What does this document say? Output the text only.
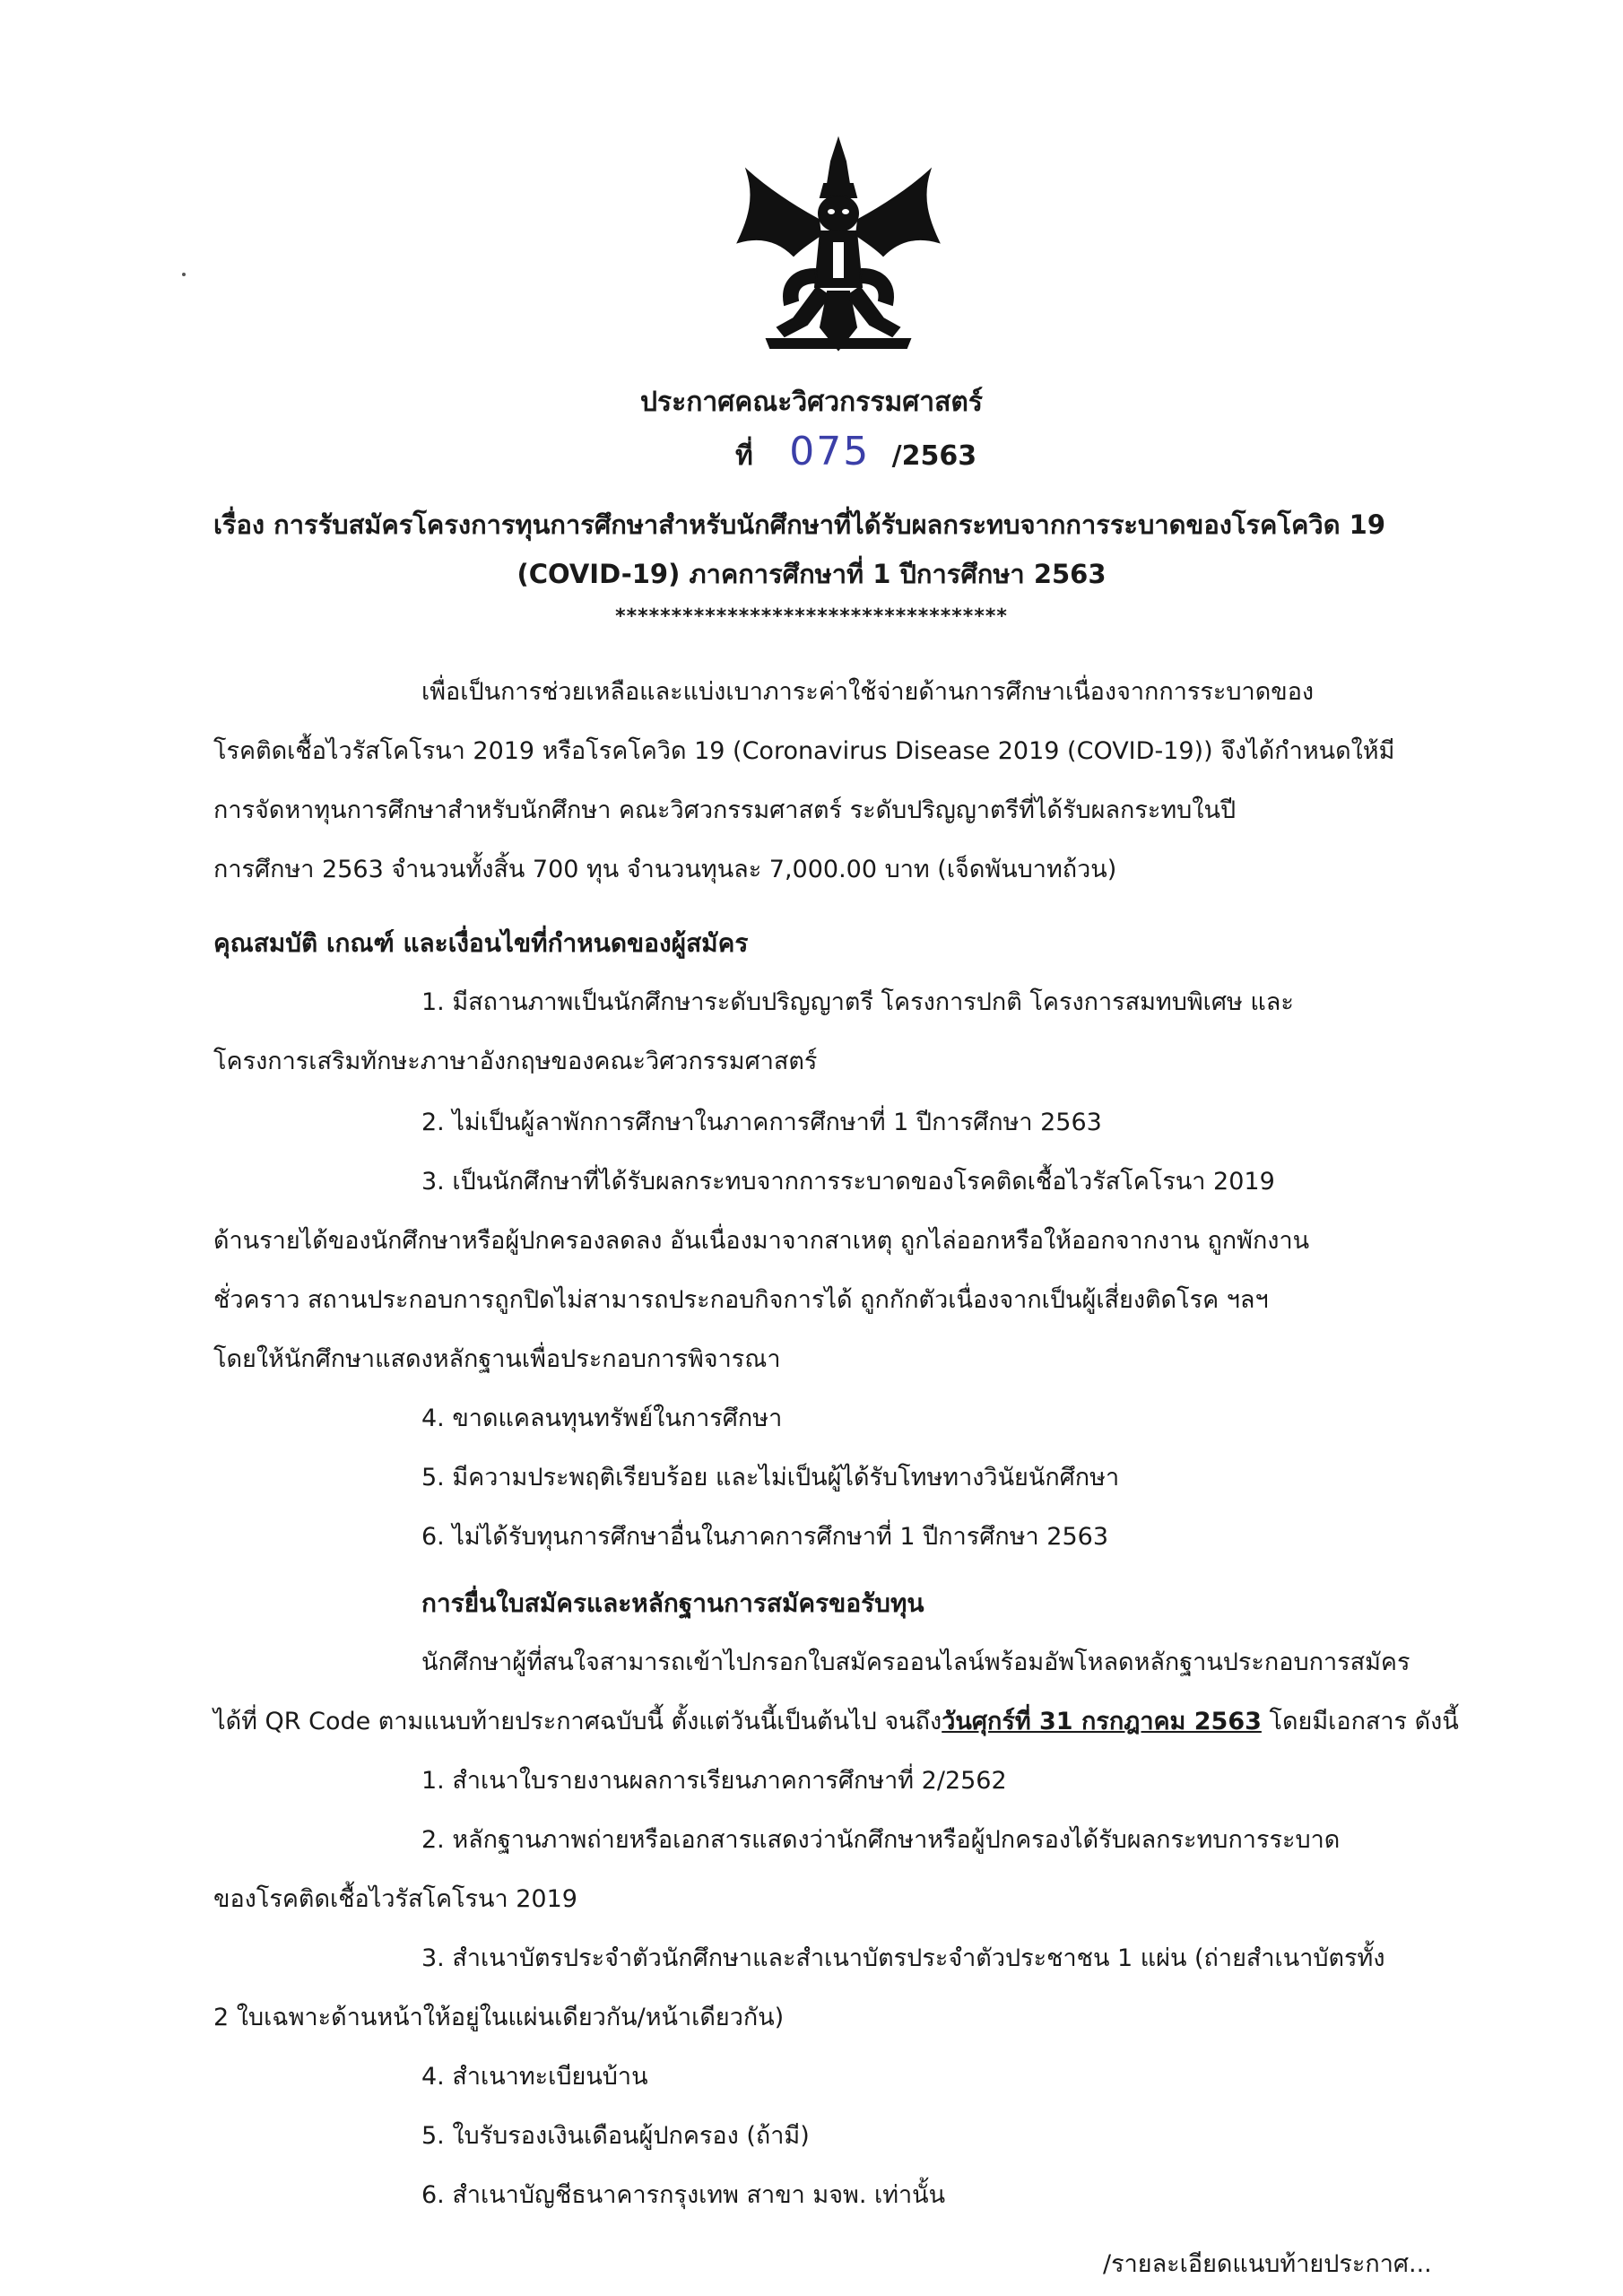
ประกาศคณะวิศวกรรมศาสตร์
ที่ 075 /2563
เรื่อง การรับสมัครโครงการทุนการศึกษาสำหรับนักศึกษาที่ได้รับผลกระทบจากการระบาดของโรคโควิด 19
(COVID-19) ภาคการศึกษาที่ 1 ปีการศึกษา 2563
***********************************
เพื่อเป็นการช่วยเหลือและแบ่งเบาภาระค่าใช้จ่ายด้านการศึกษาเนื่องจากการระบาดของ
โรคติดเชื้อไวรัสโคโรนา 2019 หรือโรคโควิด 19 (Coronavirus Disease 2019 (COVID-19)) จึงได้กำหนดให้มี
การจัดหาทุนการศึกษาสำหรับนักศึกษา คณะวิศวกรรมศาสตร์ ระดับปริญญาตรีที่ได้รับผลกระทบในปี
การศึกษา 2563 จำนวนทั้งสิ้น 700 ทุน จำนวนทุนละ 7,000.00 บาท (เจ็ดพันบาทถ้วน)
คุณสมบัติ เกณฑ์ และเงื่อนไขที่กำหนดของผู้สมัคร
1. มีสถานภาพเป็นนักศึกษาระดับปริญญาตรี โครงการปกติ โครงการสมทบพิเศษ และ
โครงการเสริมทักษะภาษาอังกฤษของคณะวิศวกรรมศาสตร์
2. ไม่เป็นผู้ลาพักการศึกษาในภาคการศึกษาที่ 1 ปีการศึกษา 2563
3. เป็นนักศึกษาที่ได้รับผลกระทบจากการระบาดของโรคติดเชื้อไวรัสโคโรนา 2019
ด้านรายได้ของนักศึกษาหรือผู้ปกครองลดลง อันเนื่องมาจากสาเหตุ ถูกไล่ออกหรือให้ออกจากงาน ถูกพักงาน
ชั่วคราว สถานประกอบการถูกปิดไม่สามารถประกอบกิจการได้ ถูกกักตัวเนื่องจากเป็นผู้เสี่ยงติดโรค ฯลฯ
โดยให้นักศึกษาแสดงหลักฐานเพื่อประกอบการพิจารณา
4. ขาดแคลนทุนทรัพย์ในการศึกษา
5. มีความประพฤติเรียบร้อย และไม่เป็นผู้ได้รับโทษทางวินัยนักศึกษา
6. ไม่ได้รับทุนการศึกษาอื่นในภาคการศึกษาที่ 1 ปีการศึกษา 2563
การยื่นใบสมัครและหลักฐานการสมัครขอรับทุน
นักศึกษาผู้ที่สนใจสามารถเข้าไปกรอกใบสมัครออนไลน์พร้อมอัพโหลดหลักฐานประกอบการสมัคร
ได้ที่ QR Code ตามแนบท้ายประกาศฉบับนี้ ตั้งแต่วันนี้เป็นต้นไป จนถึงวันศุกร์ที่ 31 กรกฎาคม 2563 โดยมีเอกสาร ดังนี้
1. สำเนาใบรายงานผลการเรียนภาคการศึกษาที่ 2/2562
2. หลักฐานภาพถ่ายหรือเอกสารแสดงว่านักศึกษาหรือผู้ปกครองได้รับผลกระทบการระบาด
ของโรคติดเชื้อไวรัสโคโรนา 2019
3. สำเนาบัตรประจำตัวนักศึกษาและสำเนาบัตรประจำตัวประชาชน 1 แผ่น (ถ่ายสำเนาบัตรทั้ง
2 ใบเฉพาะด้านหน้าให้อยู่ในแผ่นเดียวกัน/หน้าเดียวกัน)
4. สำเนาทะเบียนบ้าน
5. ใบรับรองเงินเดือนผู้ปกครอง (ถ้ามี)
6. สำเนาบัญชีธนาคารกรุงเทพ สาขา มจพ. เท่านั้น
/รายละเอียดแนบท้ายประกาศ...
